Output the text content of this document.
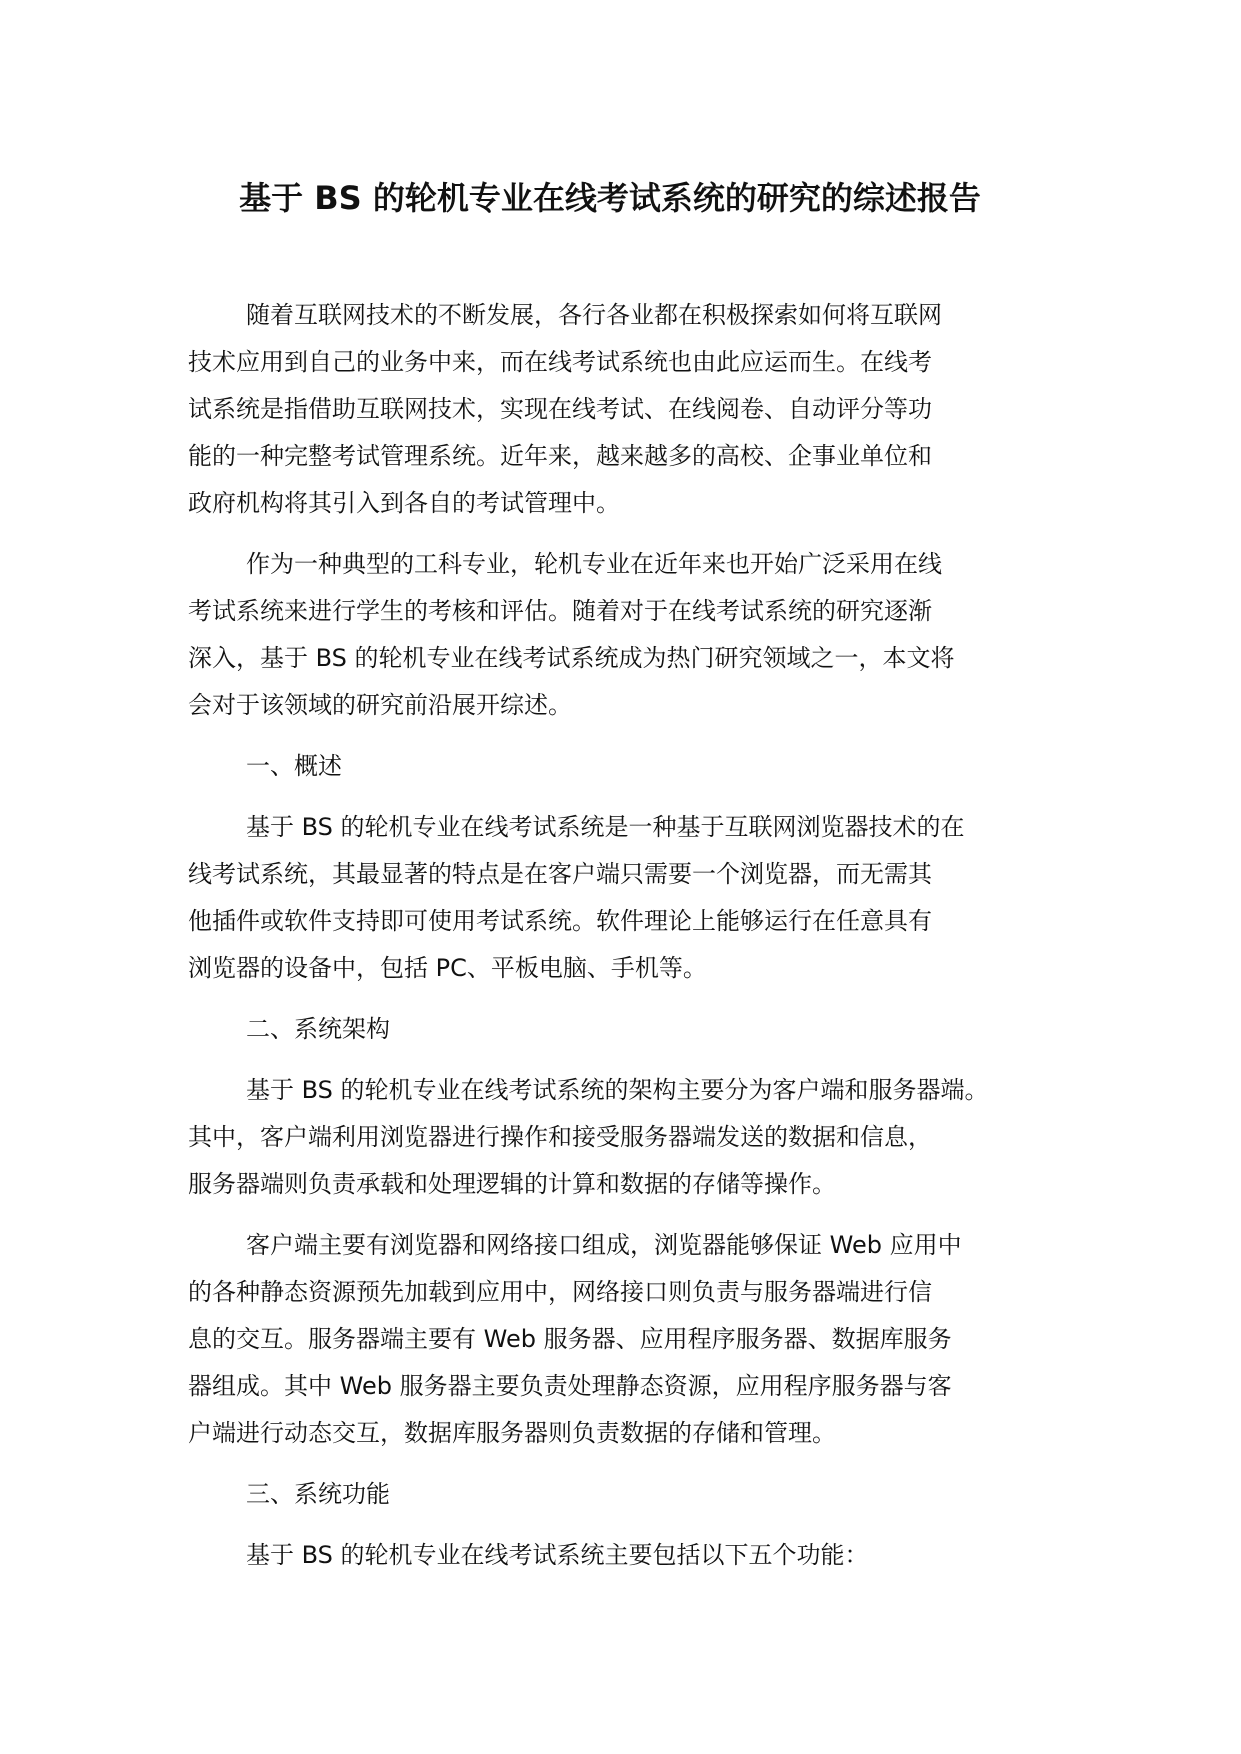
基于 BS 的轮机专业在线考试系统的研究的综述报告
随着互联网技术的不断发展，各行各业都在积极探索如何将互联网
技术应用到自己的业务中来，而在线考试系统也由此应运而生。在线考
试系统是指借助互联网技术，实现在线考试、在线阅卷、自动评分等功
能的一种完整考试管理系统。近年来，越来越多的高校、企事业单位和
政府机构将其引入到各自的考试管理中。
作为一种典型的工科专业，轮机专业在近年来也开始广泛采用在线
考试系统来进行学生的考核和评估。随着对于在线考试系统的研究逐渐
深入，基于 BS 的轮机专业在线考试系统成为热门研究领域之一，本文将
会对于该领域的研究前沿展开综述。
一、概述
基于 BS 的轮机专业在线考试系统是一种基于互联网浏览器技术的在
线考试系统，其最显著的特点是在客户端只需要一个浏览器，而无需其
他插件或软件支持即可使用考试系统。软件理论上能够运行在任意具有
浏览器的设备中，包括 PC、平板电脑、手机等。
二、系统架构
基于 BS 的轮机专业在线考试系统的架构主要分为客户端和服务器端。
其中，客户端利用浏览器进行操作和接受服务器端发送的数据和信息，
服务器端则负责承载和处理逻辑的计算和数据的存储等操作。
客户端主要有浏览器和网络接口组成，浏览器能够保证 Web 应用中
的各种静态资源预先加载到应用中，网络接口则负责与服务器端进行信
息的交互。服务器端主要有 Web 服务器、应用程序服务器、数据库服务
器组成。其中 Web 服务器主要负责处理静态资源，应用程序服务器与客
户端进行动态交互，数据库服务器则负责数据的存储和管理。
三、系统功能
基于 BS 的轮机专业在线考试系统主要包括以下五个功能：
